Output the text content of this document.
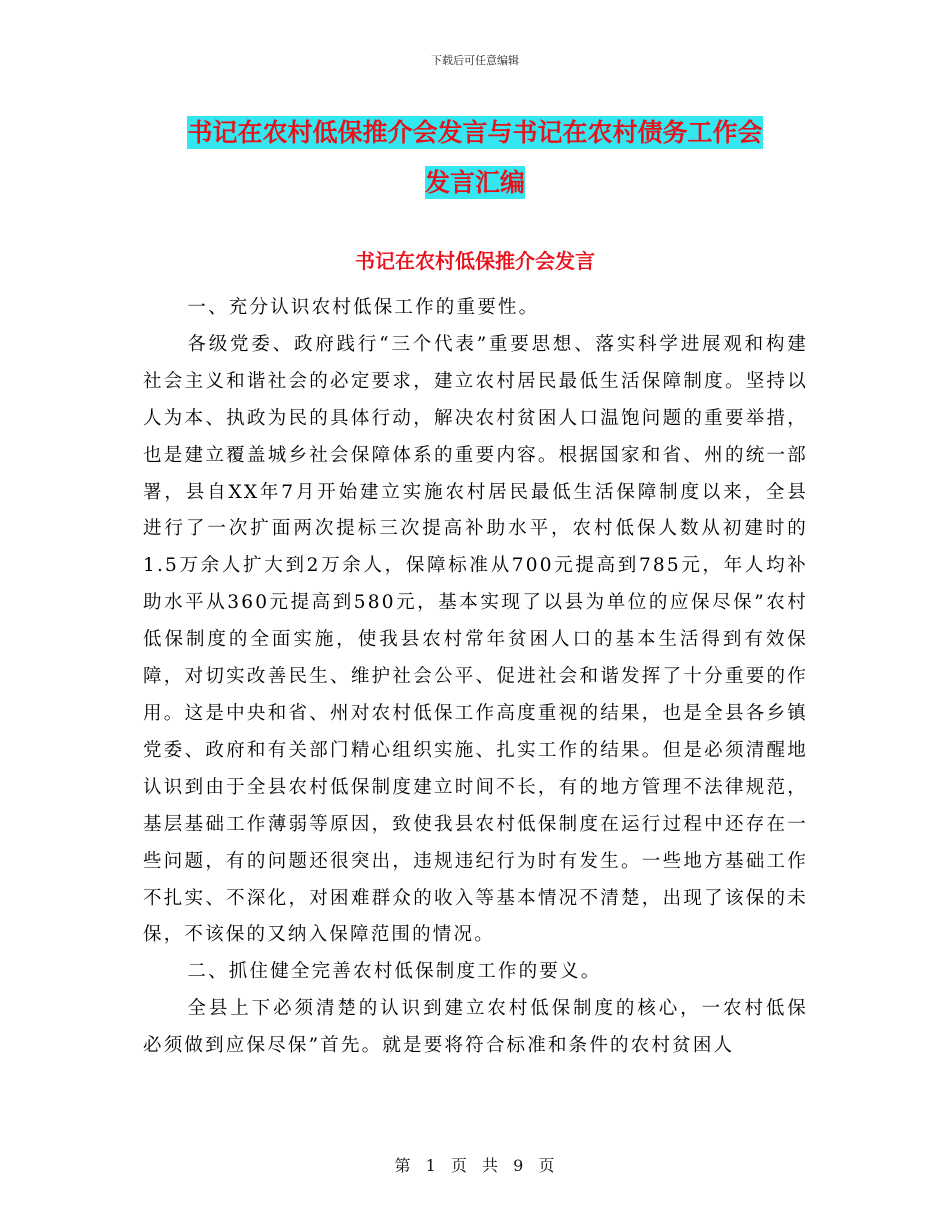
下载后可任意编辑
书记在农村低保推介会发言与书记在农村债务工作会
发言汇编
书记在农村低保推介会发言

一、充分认识农村低保工作的重要性。

各级党委、政府践行“三个代表”重要思想、落实科学进展观和构建社会主义和谐社会的必定要求，建立农村居民最低生活保障制度。坚持以人为本、执政为民的具体行动，解决农村贫困人口温饱问题的重要举措，也是建立覆盖城乡社会保障体系的重要内容。根据国家和省、州的统一部署，县自XX年7月开始建立实施农村居民最低生活保障制度以来，全县进行了一次扩面两次提标三次提高补助水平，农村低保人数从初建时的1.5万余人扩大到2万余人，保障标准从700元提高到785元，年人均补助水平从360元提高到580元，基本实现了以县为单位的应保尽保”农村低保制度的全面实施，使我县农村常年贫困人口的基本生活得到有效保障，对切实改善民生、维护社会公平、促进社会和谐发挥了十分重要的作用。这是中央和省、州对农村低保工作高度重视的结果，也是全县各乡镇党委、政府和有关部门精心组织实施、扎实工作的结果。但是必须清醒地认识到由于全县农村低保制度建立时间不长，有的地方管理不法律规范，基层基础工作薄弱等原因，致使我县农村低保制度在运行过程中还存在一些问题，有的问题还很突出，违规违纪行为时有发生。一些地方基础工作不扎实、不深化，对困难群众的收入等基本情况不清楚，出现了该保的未保，不该保的又纳入保障范围的情况。

二、抓住健全完善农村低保制度工作的要义。

全县上下必须清楚的认识到建立农村低保制度的核心，一农村低保必须做到应保尽保”首先。就是要将符合标准和条件的农村贫困人

第 1 页 共 9 页
